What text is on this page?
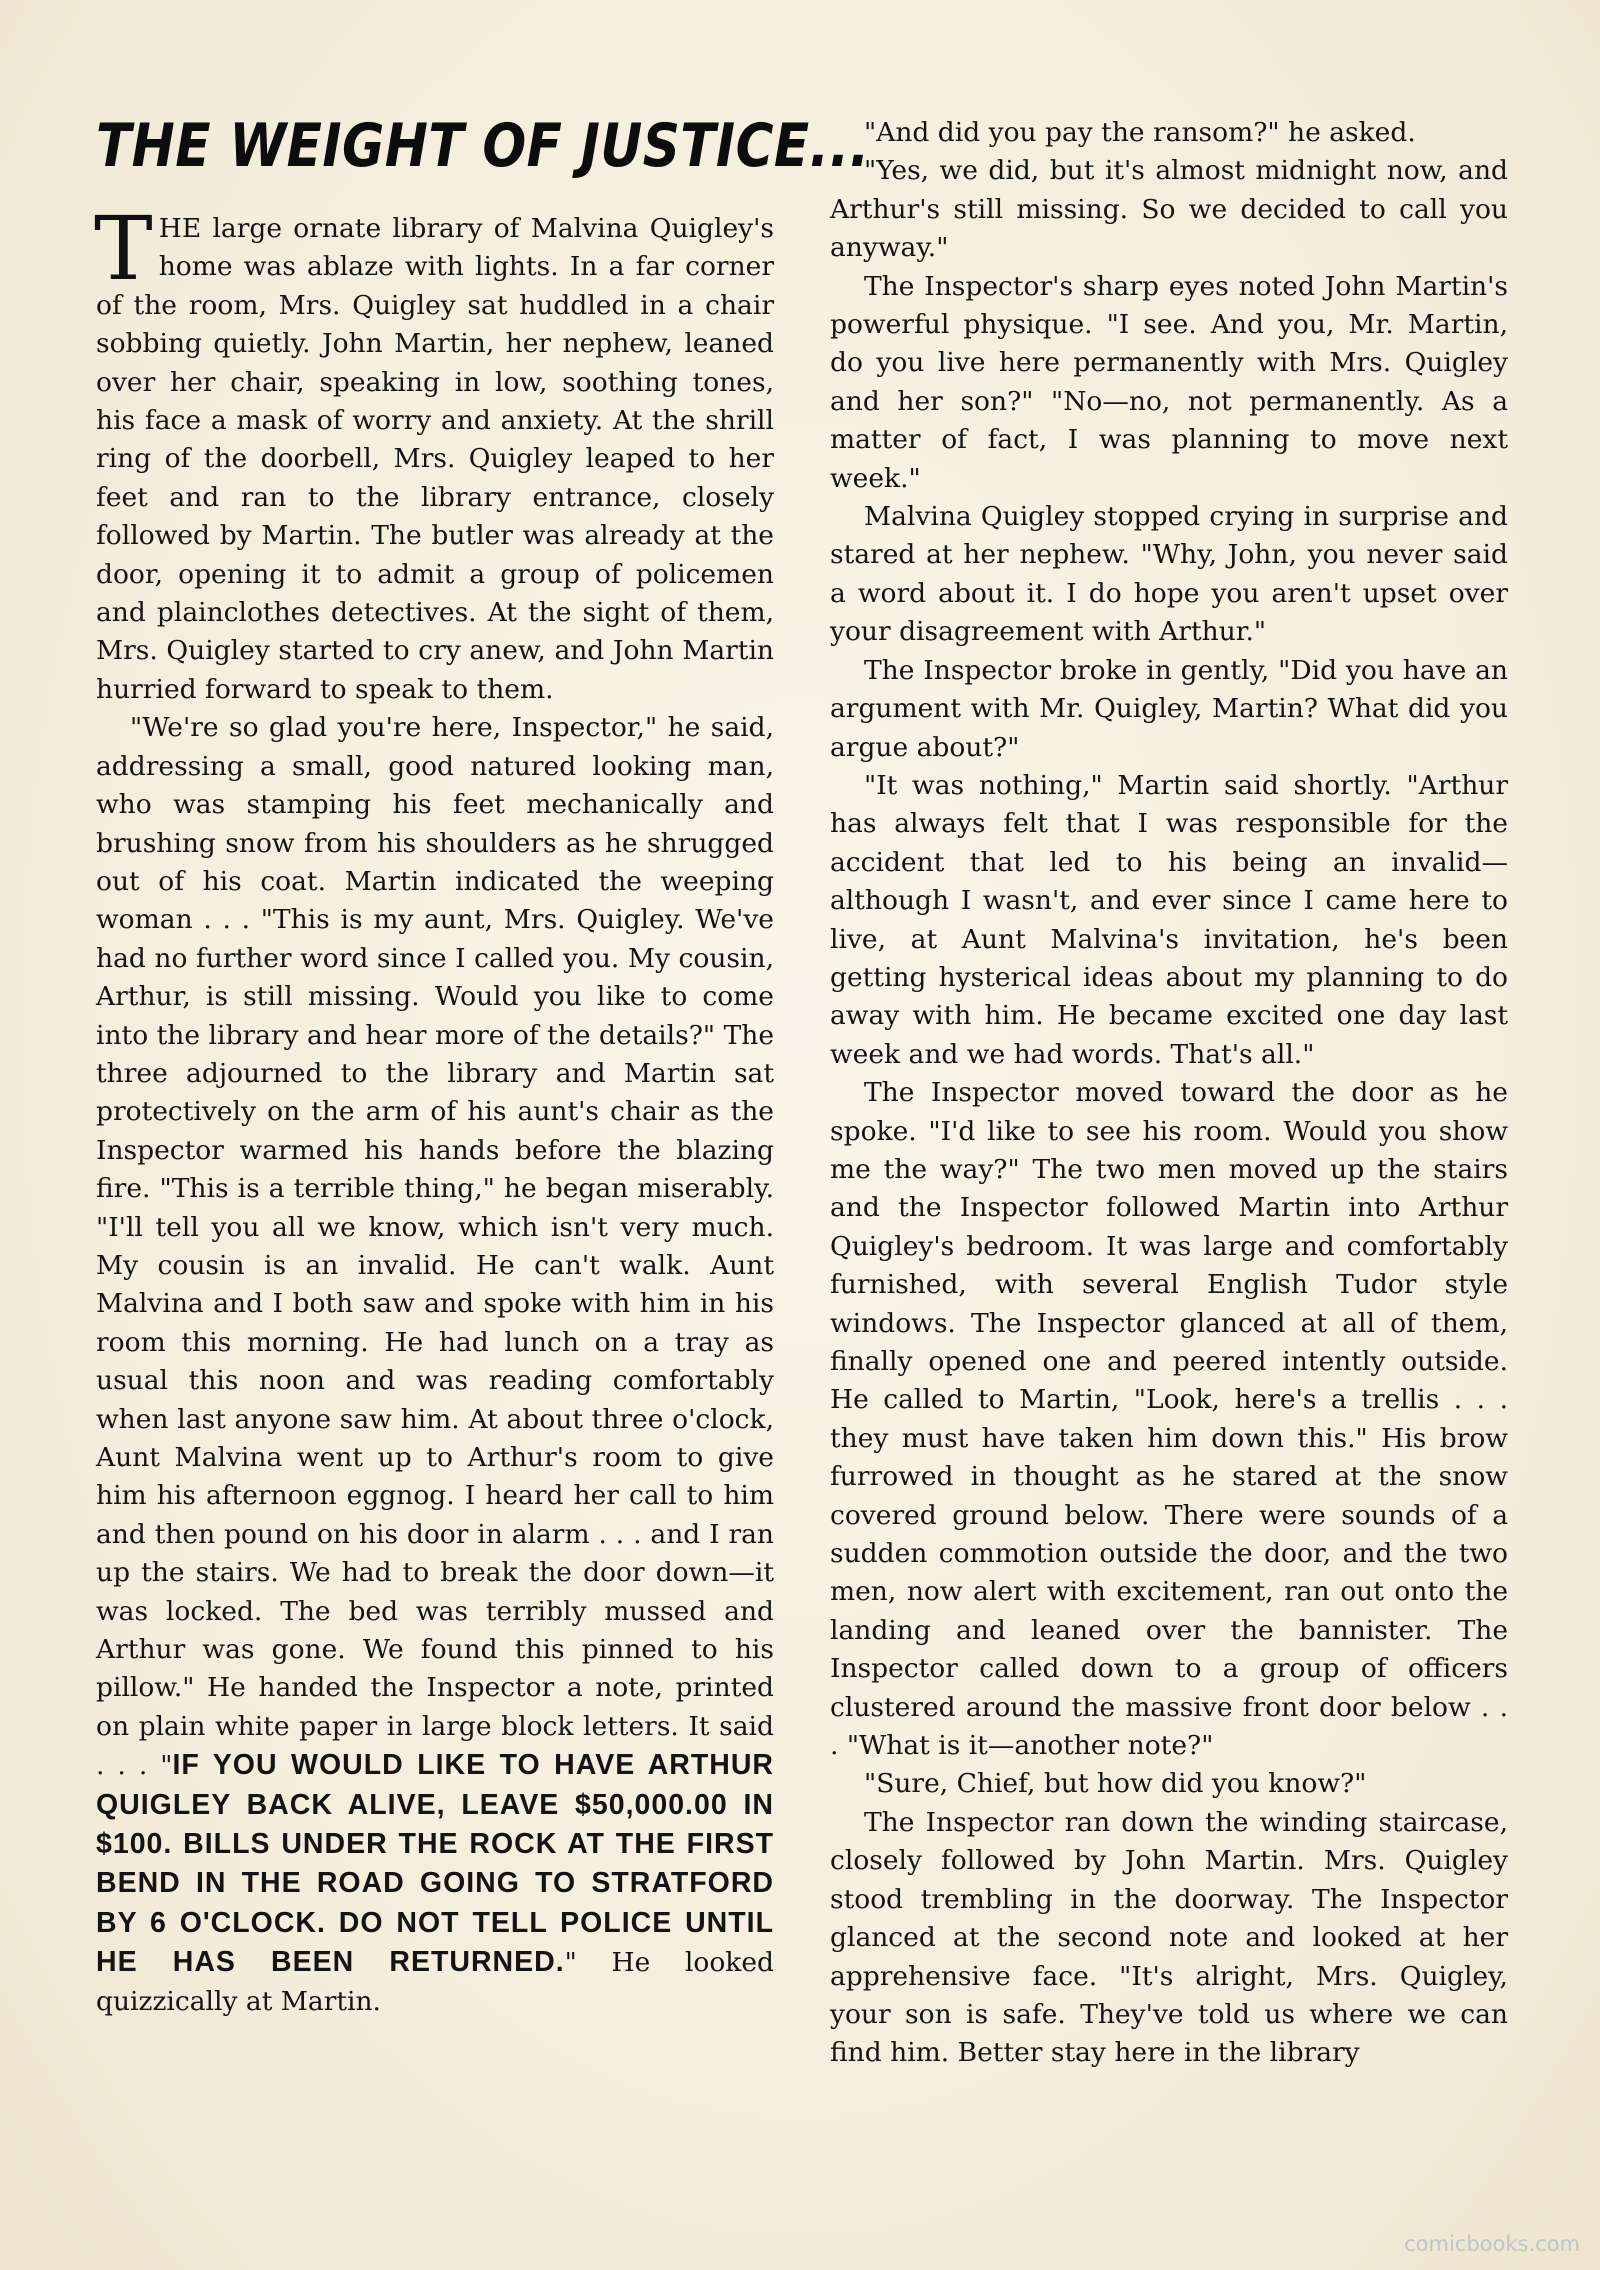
THE WEIGHT OF JUSTICE...

THE large ornate library of Malvina Quigley's home was ablaze with lights. In a far corner of the room, Mrs. Quigley sat huddled in a chair sobbing quietly. John Martin, her nephew, leaned over her chair, speaking in low, soothing tones, his face a mask of worry and anxiety. At the shrill ring of the doorbell, Mrs. Quigley leaped to her feet and ran to the library entrance, closely followed by Martin. The butler was already at the door, opening it to admit a group of policemen and plainclothes detectives. At the sight of them, Mrs. Quigley started to cry anew, and John Martin hurried forward to speak to them.

"We're so glad you're here, Inspector," he said, addressing a small, good natured looking man, who was stamping his feet mechanically and brushing snow from his shoulders as he shrugged out of his coat. Martin indicated the weeping woman . . . "This is my aunt, Mrs. Quigley. We've had no further word since I called you. My cousin, Arthur, is still missing. Would you like to come into the library and hear more of the details?" The three adjourned to the library and Martin sat protectively on the arm of his aunt's chair as the Inspector warmed his hands before the blazing fire. "This is a terrible thing," he began miserably. "I'll tell you all we know, which isn't very much. My cousin is an invalid. He can't walk. Aunt Malvina and I both saw and spoke with him in his room this morning. He had lunch on a tray as usual this noon and was reading comfortably when last anyone saw him. At about three o'clock, Aunt Malvina went up to Arthur's room to give him his afternoon eggnog. I heard her call to him and then pound on his door in alarm . . . and I ran up the stairs. We had to break the door down—it was locked. The bed was terribly mussed and Arthur was gone. We found this pinned to his pillow." He handed the Inspector a note, printed on plain white paper in large block letters. It said . . . "IF YOU WOULD LIKE TO HAVE ARTHUR QUIGLEY BACK ALIVE, LEAVE $50,000.00 IN $100. BILLS UNDER THE ROCK AT THE FIRST BEND IN THE ROAD GOING TO STRATFORD BY 6 O'CLOCK. DO NOT TELL POLICE UNTIL HE HAS BEEN RETURNED." He looked quizzically at Martin.

"And did you pay the ransom?" he asked.

"Yes, we did, but it's almost midnight now, and Arthur's still missing. So we decided to call you anyway."

The Inspector's sharp eyes noted John Martin's powerful physique. "I see. And you, Mr. Martin, do you live here permanently with Mrs. Quigley and her son?" "No—no, not permanently. As a matter of fact, I was planning to move next week."

Malvina Quigley stopped crying in surprise and stared at her nephew. "Why, John, you never said a word about it. I do hope you aren't upset over your disagreement with Arthur."

The Inspector broke in gently, "Did you have an argument with Mr. Quigley, Martin? What did you argue about?"

"It was nothing," Martin said shortly. "Arthur has always felt that I was responsible for the accident that led to his being an invalid—although I wasn't, and ever since I came here to live, at Aunt Malvina's invitation, he's been getting hysterical ideas about my planning to do away with him. He became excited one day last week and we had words. That's all."

The Inspector moved toward the door as he spoke. "I'd like to see his room. Would you show me the way?" The two men moved up the stairs and the Inspector followed Martin into Arthur Quigley's bedroom. It was large and comfortably furnished, with several English Tudor style windows. The Inspector glanced at all of them, finally opened one and peered intently outside. He called to Martin, "Look, here's a trellis . . . they must have taken him down this." His brow furrowed in thought as he stared at the snow covered ground below. There were sounds of a sudden commotion outside the door, and the two men, now alert with excitement, ran out onto the landing and leaned over the bannister. The Inspector called down to a group of officers clustered around the massive front door below . . . "What is it—another note?"

"Sure, Chief, but how did you know?"

The Inspector ran down the winding staircase, closely followed by John Martin. Mrs. Quigley stood trembling in the doorway. The Inspector glanced at the second note and looked at her apprehensive face. "It's alright, Mrs. Quigley, your son is safe. They've told us where we can find him. Better stay here in the library

comicbooks.com
